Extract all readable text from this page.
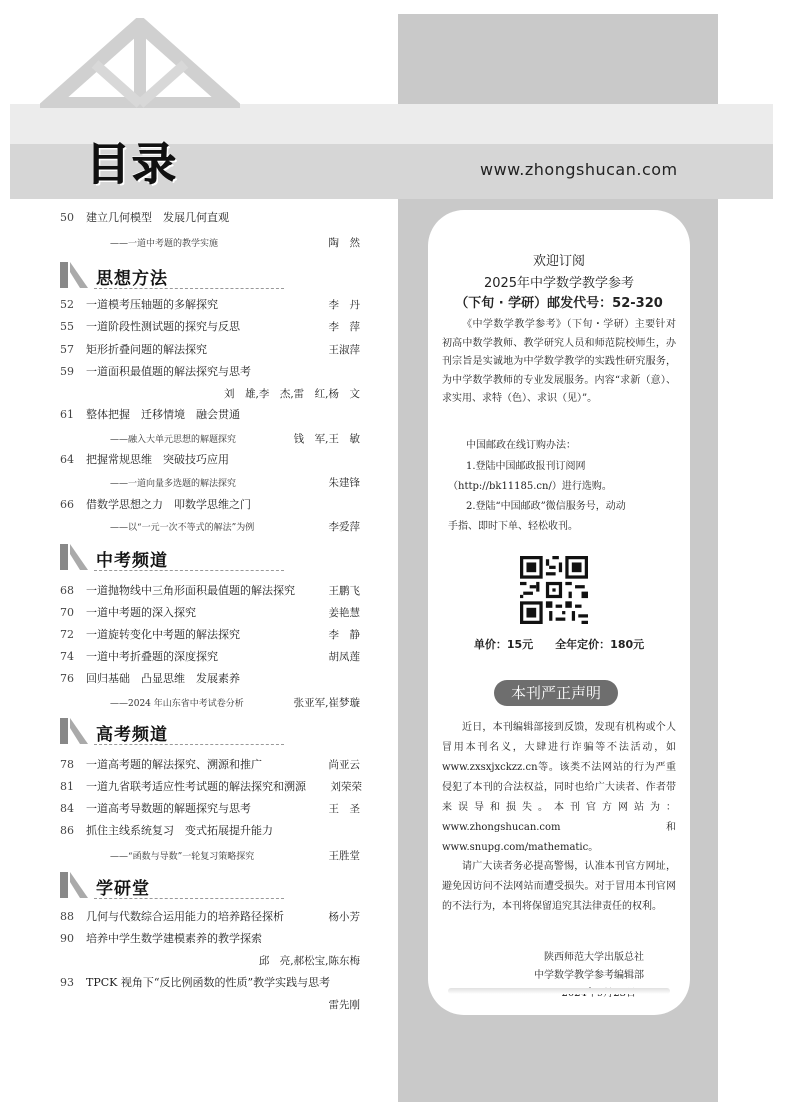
目录	www.zhongshucan.com
50	建立几何模型　发展几何直观
——一道中考题的教学实施	陶　然
思想方法
52	一道模考压轴题的多解探究	李　丹
55	一道阶段性测试题的探究与反思	李　萍
57	矩形折叠问题的解法探究	王淑萍
59	一道面积最值题的解法探究与思考
刘　雄,李　杰,雷　红,杨　文
61	整体把握　迁移情境　融会贯通
——融入大单元思想的解题探究	钱　军,王　敏
64	把握常规思维　突破技巧应用
——一道向量多选题的解法探究	朱建锋
66	借数学思想之力　叩数学思维之门
——以“一元一次不等式的解法”为例	李爱萍
中考频道
68	一道抛物线中三角形面积最值题的解法探究	王鹏飞
70	一道中考题的深入探究	姜艳慧
72	一道旋转变化中考题的解法探究	李　静
74	一道中考折叠题的深度探究	胡凤莲
76	回归基础　凸显思维　发展素养
——2024 年山东省中考试卷分析	张亚军,崔梦璇
高考频道
78	一道高考题的解法探究、溯源和推广	尚亚云
81	一道九省联考适应性考试题的解法探究和溯源 刘荣荣
84	一道高考导数题的解题探究与思考	王　圣
86	抓住主线系统复习　变式拓展提升能力
——“函数与导数”一轮复习策略探究	王胜堂
学研堂
88	几何与代数综合运用能力的培养路径探析	杨小芳
90	培养中学生数学建模素养的教学探索
邱　亮,郝松宝,陈东梅
93	TPCK 视角下“反比例函数的性质”教学实践与思考
雷先刚
欢迎订阅
2025年中学数学教学参考
（下旬 · 学研）邮发代号：52-320
《中学数学教学参考》（下旬・学研）主要针对初高中数学教师、教学研究人员和师范院校师生，办刊宗旨是实诚地为中学数学教学的实践性研究服务，为中学数学教师的专业发展服务。内容“求新（意）、求实用、求特（色）、求识（见）”。
中国邮政在线订购办法：
1.登陆中国邮政报刊订阅网
（http://bk11185.cn/）进行选购。
2.登陆“中国邮政”微信服务号，动动
手指、即时下单、轻松收刊。
单价：15元　　全年定价：180元
本刊严正声明
近日，本刊编辑部接到反馈，发现有机构或个人冒用本刊名义，大肆进行诈骗等不法活动，如www.zxsxjxckzz.cn等。该类不法网站的行为严重侵犯了本刊的合法权益，同时也给广大读者、作者带来误导和损失。本刊官方网站为：www.zhongshucan.com 和www.snupg.com/mathematic。
请广大读者务必提高警惕，认准本刊官方网址，避免因访问不法网站而遭受损失。对于冒用本刊官网的不法行为，本刊将保留追究其法律责任的权利。
陕西师范大学出版总社
中学数学教学参考编辑部
